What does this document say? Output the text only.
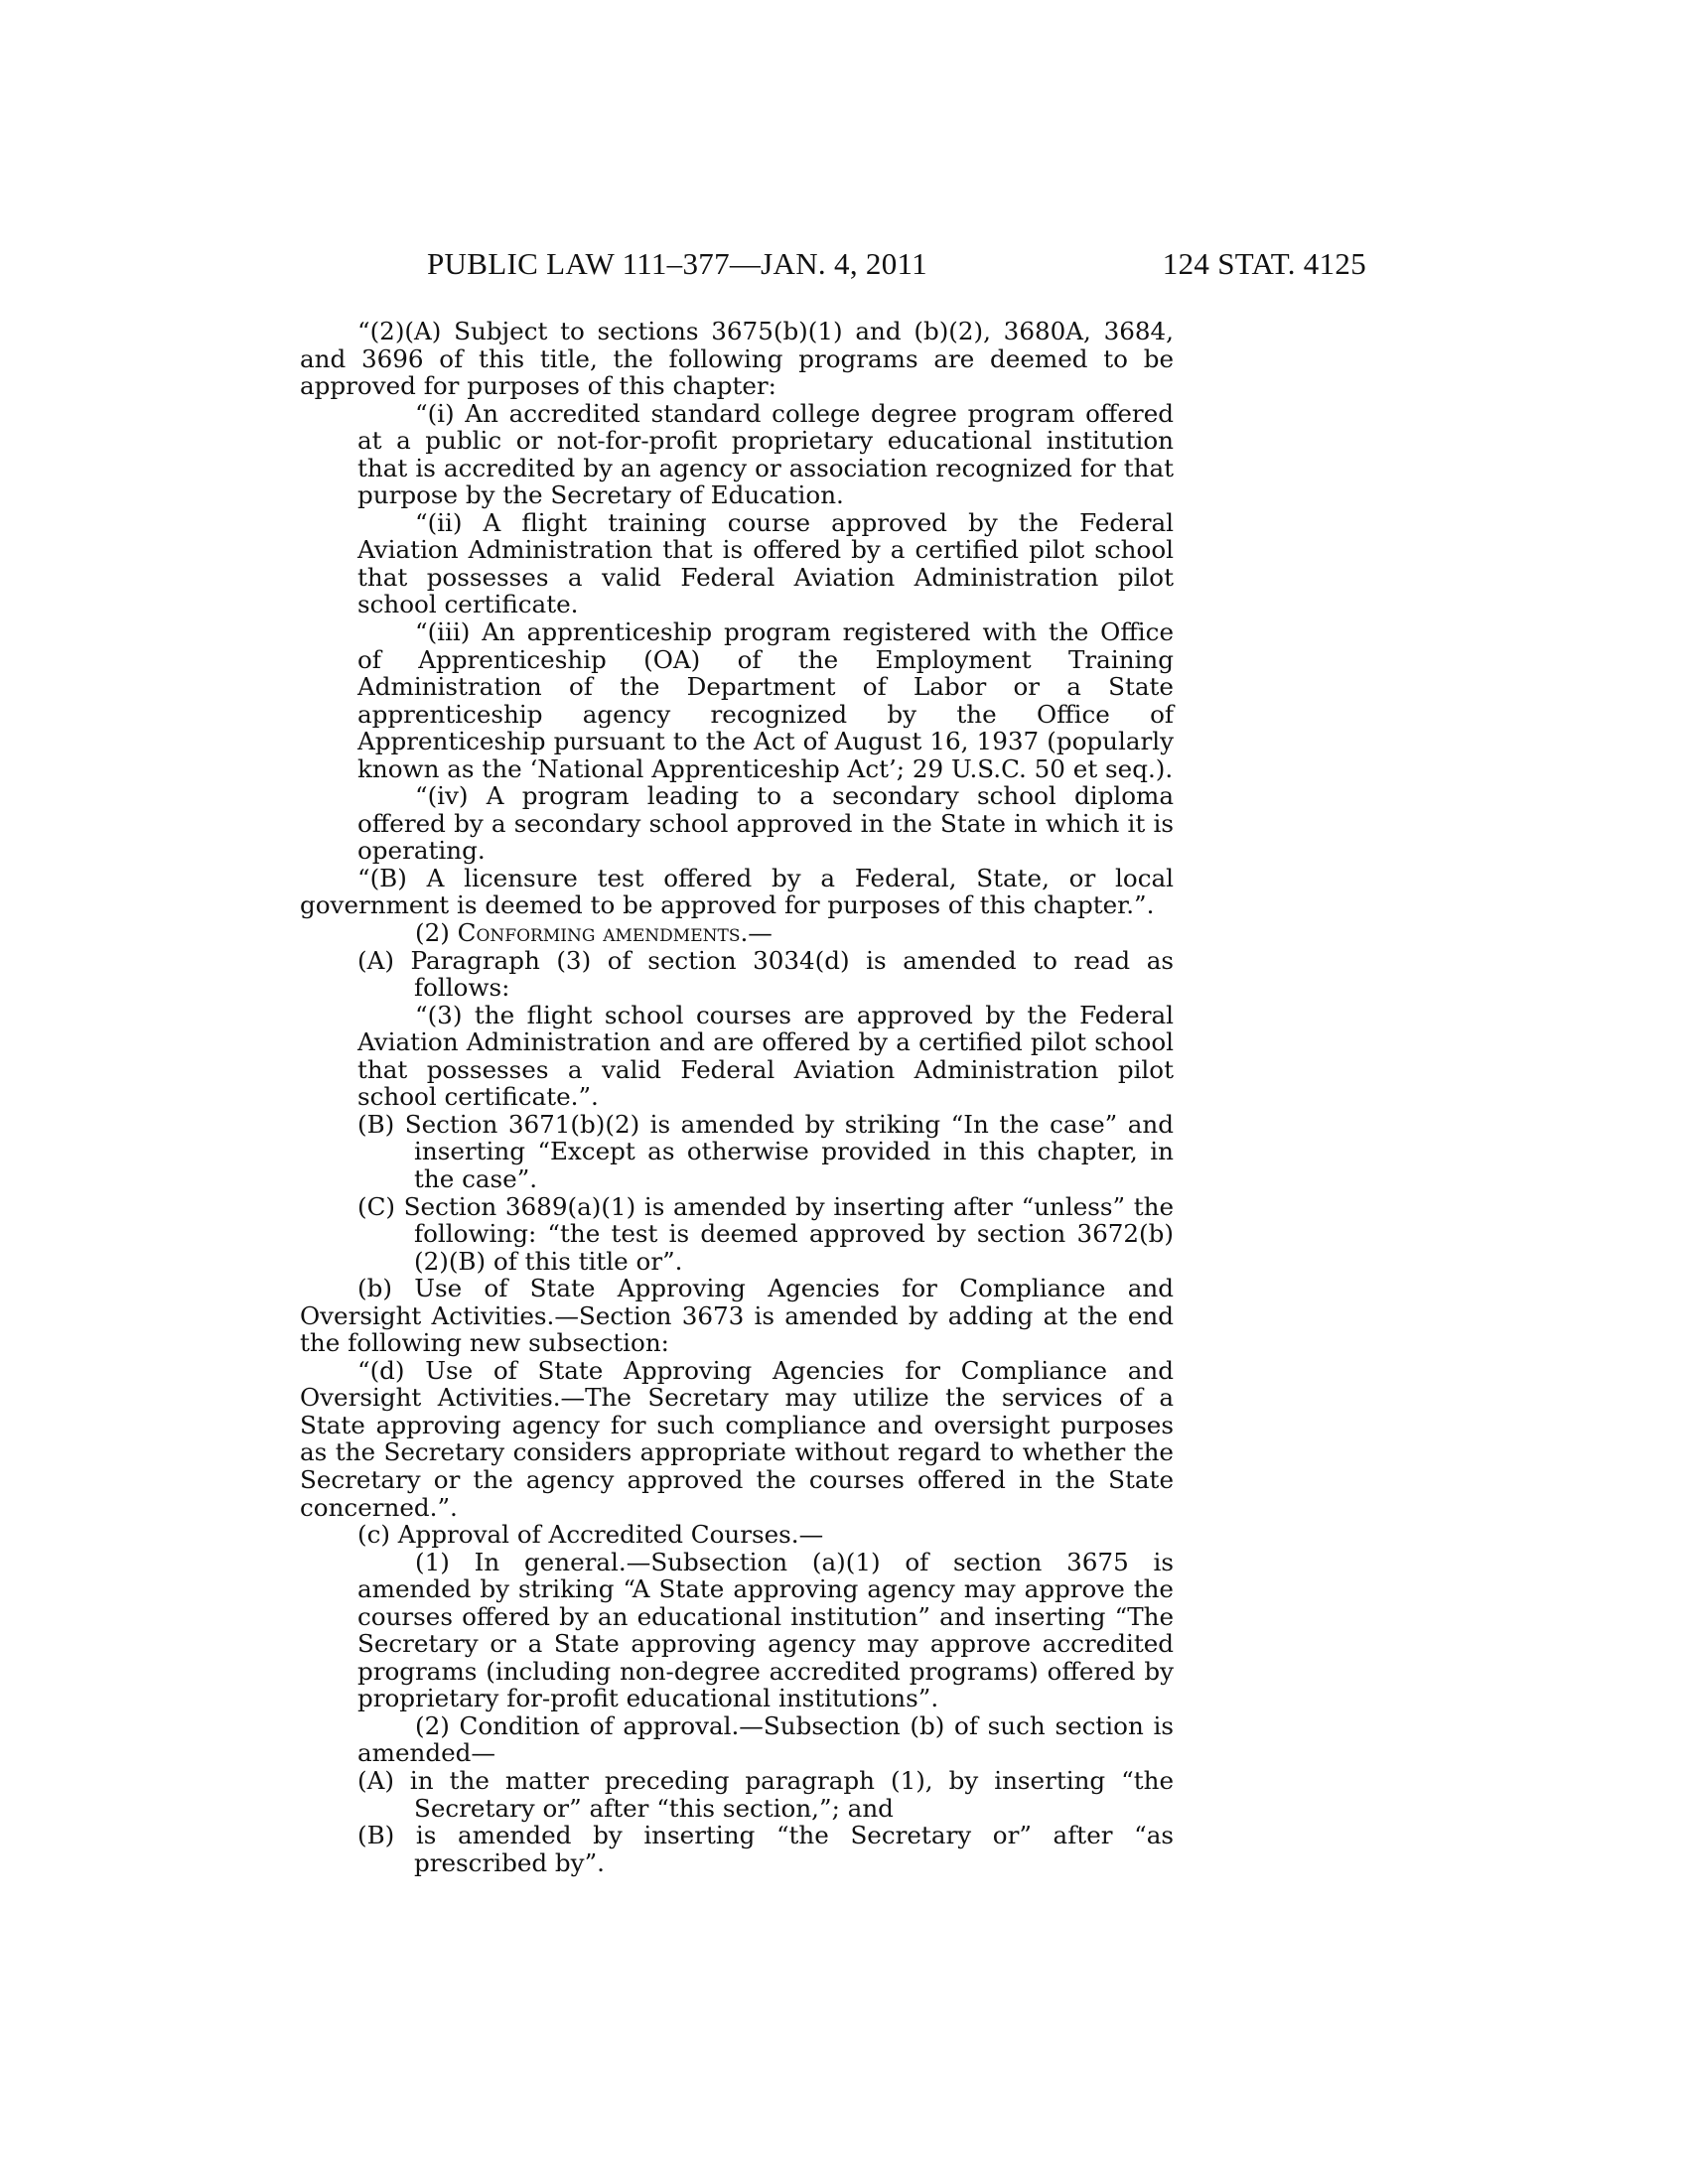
PUBLIC LAW 111–377—JAN. 4, 2011	124 STAT. 4125

“(2)(A) Subject to sections 3675(b)(1) and (b)(2), 3680A, 3684, and 3696 of this title, the following programs are deemed to be approved for purposes of this chapter:

“(i) An accredited standard college degree program offered at a public or not-for-profit proprietary educational institution that is accredited by an agency or association recognized for that purpose by the Secretary of Education.

“(ii) A flight training course approved by the Federal Aviation Administration that is offered by a certified pilot school that possesses a valid Federal Aviation Administration pilot school certificate.

“(iii) An apprenticeship program registered with the Office of Apprenticeship (OA) of the Employment Training Administration of the Department of Labor or a State apprenticeship agency recognized by the Office of Apprenticeship pursuant to the Act of August 16, 1937 (popularly known as the ‘National Apprenticeship Act’; 29 U.S.C. 50 et seq.).

“(iv) A program leading to a secondary school diploma offered by a secondary school approved in the State in which it is operating.

“(B) A licensure test offered by a Federal, State, or local government is deemed to be approved for purposes of this chapter.”.

(2) Conforming amendments.—

(A) Paragraph (3) of section 3034(d) is amended to read as follows:

“(3) the flight school courses are approved by the Federal Aviation Administration and are offered by a certified pilot school that possesses a valid Federal Aviation Administration pilot school certificate.”.

(B) Section 3671(b)(2) is amended by striking “In the case” and inserting “Except as otherwise provided in this chapter, in the case”.

(C) Section 3689(a)(1) is amended by inserting after “unless” the following: “the test is deemed approved by section 3672(b)(2)(B) of this title or”.

(b) Use of State Approving Agencies for Compliance and Oversight Activities.—Section 3673 is amended by adding at the end the following new subsection:

“(d) Use of State Approving Agencies for Compliance and Oversight Activities.—The Secretary may utilize the services of a State approving agency for such compliance and oversight purposes as the Secretary considers appropriate without regard to whether the Secretary or the agency approved the courses offered in the State concerned.”.

(c) Approval of Accredited Courses.—

(1) In general.—Subsection (a)(1) of section 3675 is amended by striking “A State approving agency may approve the courses offered by an educational institution” and inserting “The Secretary or a State approving agency may approve accredited programs (including non-degree accredited programs) offered by proprietary for-profit educational institutions”.

(2) Condition of approval.—Subsection (b) of such section is amended—

(A) in the matter preceding paragraph (1), by inserting “the Secretary or” after “this section,”; and

(B) is amended by inserting “the Secretary or” after “as prescribed by”.
